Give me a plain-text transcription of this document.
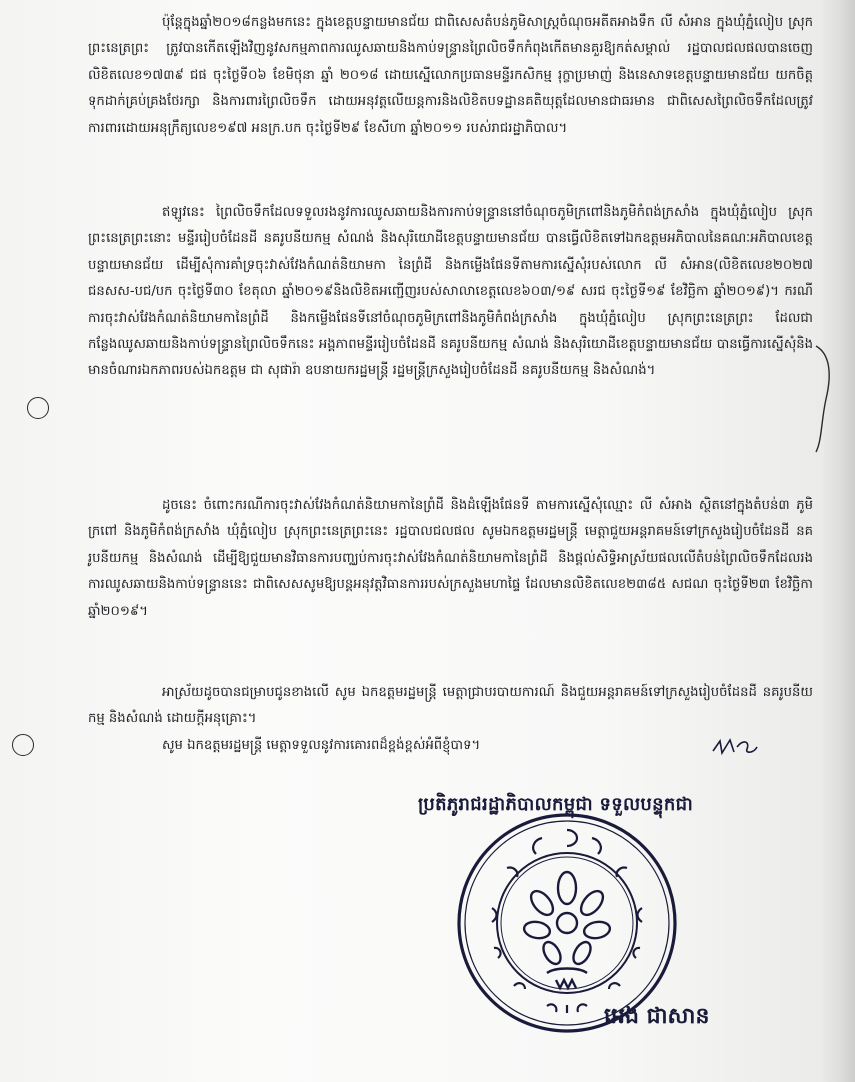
ប៉ុន្តែក្នុងឆ្នាំ២០១៨កន្លងមកនេះ ក្នុងខេត្តបន្ទាយមានជ័យ ជាពិសេសតំបន់ភូមិសាស្ត្រចំណុចអតីតអាងទឹក លី សំអាន ក្នុងឃុំភ្នំលៀប ស្រុកព្រះនេត្រព្រះ ត្រូវបានកើតឡើងវិញនូវសកម្មភាពការឈូសឆាយនិងកាប់ទន្ទ្រានព្រៃលិចទឹកកំពុងកើតមានគួរឱ្យកត់សម្គាល់ រដ្ឋបាលជលផលបានចេញលិខិតលេខ១៧៣៩ ជផ ចុះថ្ងៃទី០៦ ខែមិថុនា ឆ្នាំ ២០១៨ ដោយស្នើលោកប្រធានមន្ទីរកសិកម្ម រុក្ខាប្រមាញ់ និងនេសាទខេត្តបន្ទាយមានជ័យ យកចិត្តទុកដាក់គ្រប់គ្រងថែរក្សា និងការពារព្រៃលិចទឹក ដោយអនុវត្តលើយន្តការនិងលិខិតបទដ្ឋានគតិយុត្តដែលមានជាធរមាន ជាពិសេសព្រៃលិចទឹកដែលត្រូវការពារដោយអនុក្រឹត្យលេខ១៩៧ អនក្រ.បក ចុះថ្ងៃទី២៩ ខែសីហា ឆ្នាំ២០១១ របស់រាជរដ្ឋាភិបាល។

ឥឡូវនេះ ព្រៃលិចទឹកដែលទទួលរងនូវការឈូសឆាយនិងការកាប់ទន្ទ្រាននៅចំណុចភូមិក្រពៅនិងភូមិកំពង់ក្រសាំង ក្នុងឃុំភ្នំលៀប ស្រុកព្រះនេត្រព្រះនោះ មន្ទីររៀបចំដែនដី នគរូបនីយកម្ម សំណង់ និងសុរិយោដីខេត្តបន្ទាយមានជ័យ បានធ្វើលិខិតទៅឯកឧត្តមអភិបាលនៃគណៈអភិបាលខេត្តបន្ទាយមានជ័យ ដើម្បីសុំការគាំទ្រចុះវាស់វែងកំណត់និយាមកា នៃព្រំដី និងកម្លើងផែនទីតាមការស្នើសុំរបស់លោក លី សំអាន(លិខិតលេខ២០២៧ ជនសស-បជ/បក ចុះថ្ងៃទី៣០ ខែតុលា ឆ្នាំ២០១៩និងលិខិតអញ្ជើញរបស់សាលាខេត្តលេខ៦០៣/១៩ សរជ ចុះថ្ងៃទី១៩ ខែវិច្ឆិកា ឆ្នាំ២០១៩)។ ករណីការចុះវាស់វែងកំណត់និយាមកានៃព្រំដី និងកម្លើងផែនទីនៅចំណុចភូមិក្រពៅនិងភូមិកំពង់ក្រសាំង ក្នុងឃុំភ្នំលៀប ស្រុកព្រះនេត្រព្រះ ដែលជាកន្លែងឈូសឆាយនិងកាប់ទន្ទ្រានព្រៃលិចទឹកនេះ អង្គភាពមន្ទីររៀបចំដែនដី នគរូបនីយកម្ម សំណង់ និងសុរិយោដីខេត្តបន្ទាយមានជ័យ បានធ្វើការស្នើសុំនិងមានចំណារឯកភាពរបស់ឯកឧត្តម ជា សុផារ៉ា ឧបនាយករដ្ឋមន្ត្រី រដ្ឋមន្ត្រីក្រសួងរៀបចំដែនដី នគរូបនីយកម្ម និងសំណង់។

ដូចនេះ ចំពោះករណីការចុះវាស់វែងកំណត់និយាមកានៃព្រំដី និងដំឡើងផែនទី តាមការស្នើសុំឈ្មោះ លី សំអាង ស្ថិតនៅក្នុងតំបន់៣ ភូមិក្រពៅ និងភូមិកំពង់ក្រសាំង ឃុំភ្នំលៀប ស្រុកព្រះនេត្រព្រះនេះ រដ្ឋបាលជលផល សូមឯកឧត្តមរដ្ឋមន្ត្រី មេត្តាជួយអន្តរាគមន៍ទៅក្រសួងរៀបចំដែនដី នគរូបនីយកម្ម និងសំណង់ ដើម្បីឱ្យជួយមានវិធានការបញ្ឈប់ការចុះវាស់វែងកំណត់និយាមកានៃព្រំដី និងផ្តល់សិទ្ធិអាស្រ័យផលលើតំបន់ព្រៃលិចទឹកដែលរងការឈូសឆាយនិងកាប់ទន្ទ្រាននេះ ជាពិសេសសូមឱ្យបន្តអនុវត្តវិធានការរបស់ក្រសួងមហាផ្ទៃ ដែលមានលិខិតលេខ២៣៨៥ សជណ ចុះថ្ងៃទី២៣ ខែវិច្ឆិកា ឆ្នាំ២០១៩។

អាស្រ័យដូចបានជម្រាបជូនខាងលើ សូម ឯកឧត្តមរដ្ឋមន្ត្រី មេត្តាជ្រាបរបាយការណ៍ និងជួយអន្តរាគមន៍ទៅក្រសួងរៀបចំដែនដី នគរូបនីយកម្ម និងសំណង់ ដោយក្តីអនុគ្រោះ។

សូម ឯកឧត្តមរដ្ឋមន្ត្រី មេត្តាទទួលនូវការគោរពដ៏ខ្ពង់ខ្ពស់អំពីខ្ញុំបាទ។

ប្រតិភូរាជរដ្ឋាភិបាលកម្ពុជា ទទួលបន្ទុកជា
អេង ជាសាន
